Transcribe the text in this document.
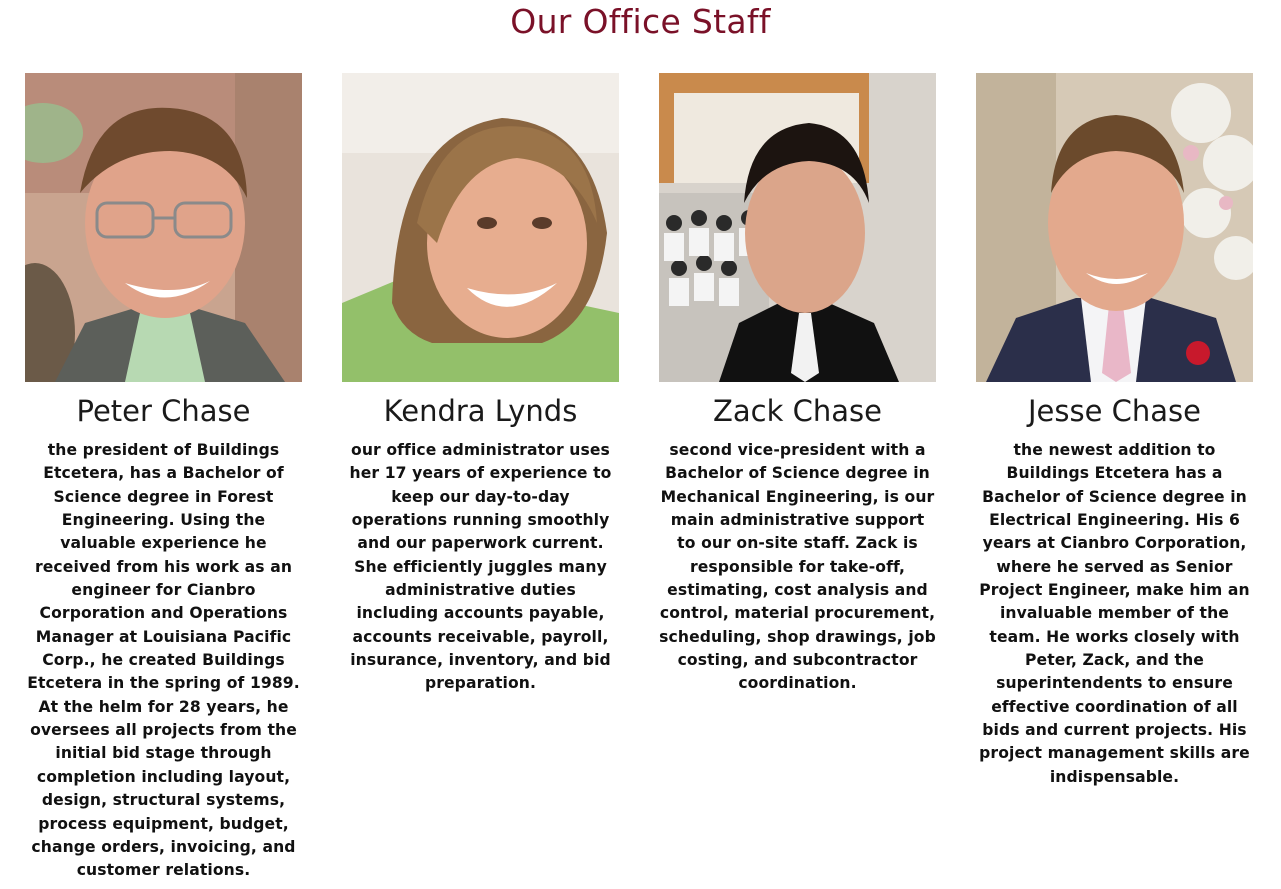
Our Office Staff
Peter Chase

the president of Buildings Etcetera, has a Bachelor of Science degree in Forest Engineering. Using the valuable experience he received from his work as an engineer for Cianbro Corporation and Operations Manager at Louisiana Pacific Corp., he created Buildings Etcetera in the spring of 1989. At the helm for 28 years, he oversees all projects from the initial bid stage through completion including layout, design, structural systems, process equipment, budget, change orders, invoicing, and customer relations.

Kendra Lynds

our office administrator uses her 17 years of experience to keep our day-to-day operations running smoothly and our paperwork current. She efficiently juggles many administrative duties including accounts payable, accounts receivable, payroll, insurance, inventory, and bid preparation.

Zack Chase

second vice-president with a Bachelor of Science degree in Mechanical Engineering, is our main administrative support to our on-site staff. Zack is responsible for take-off, estimating, cost analysis and control, material procurement, scheduling, shop drawings, job costing, and subcontractor coordination.

Jesse Chase

the newest addition to Buildings Etcetera has a Bachelor of Science degree in Electrical Engineering. His 6 years at Cianbro Corporation, where he served as Senior Project Engineer, make him an invaluable member of the team. He works closely with Peter, Zack, and the superintendents to ensure effective coordination of all bids and current projects. His project management skills are indispensable.
